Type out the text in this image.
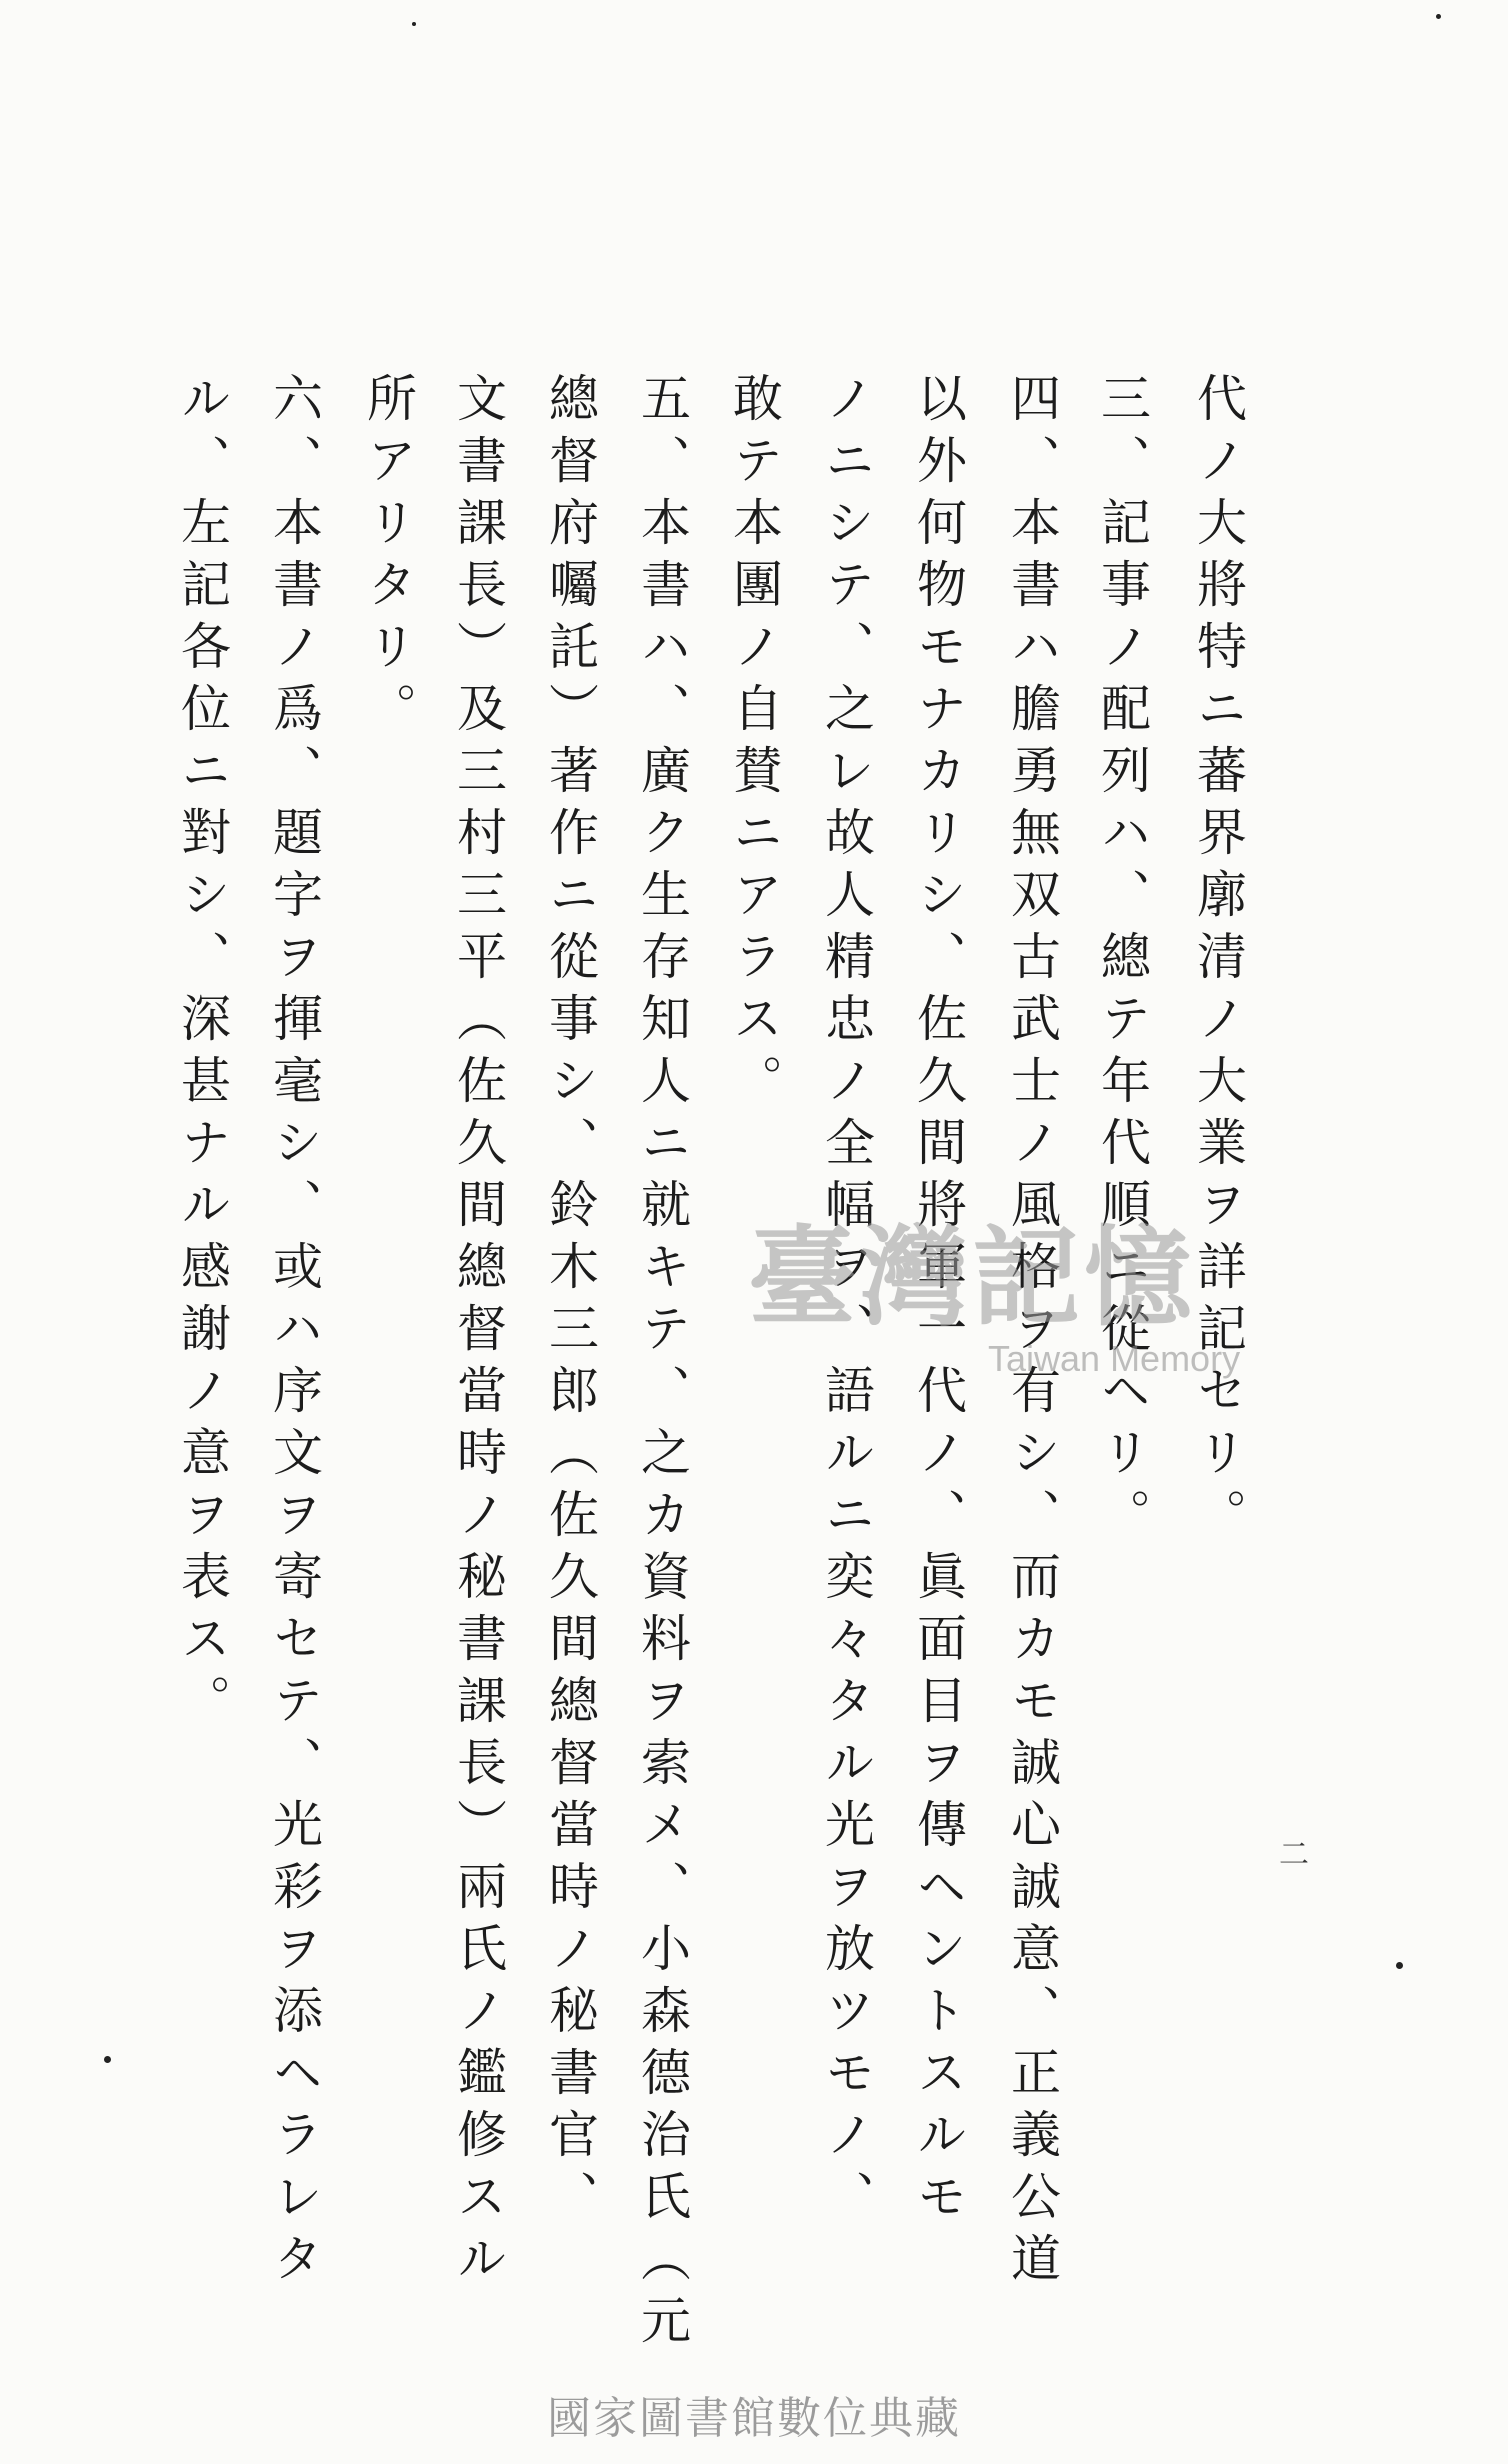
代ノ大將特ニ蕃界廓清ノ大業ヲ詳記セリ。
三、記事ノ配列ハ、總テ年代順ニ從ヘリ。
四、本書ハ膽勇無双古武士ノ風格ヲ有シ、而カモ誠心誠意、正義公道
以外何物モナカリシ、佐久間將軍一代ノ、眞面目ヲ傳ヘントスルモ
ノニシテ、之レ故人精忠ノ全幅ヲ、語ルニ奕々タル光ヲ放ツモノ、
敢テ本團ノ自賛ニアラス。
五、本書ハ、廣ク生存知人ニ就キテ、之カ資料ヲ索メ、小森德治氏（元
總督府囑託）著作ニ從事シ、鈴木三郎（佐久間總督當時ノ秘書官、
文書課長）及三村三平（佐久間總督當時ノ秘書課長）兩氏ノ鑑修スル
所アリタリ。
六、本書ノ爲、題字ヲ揮毫シ、或ハ序文ヲ寄セテ、光彩ヲ添ヘラレタ
ル、左記各位ニ對シ、深甚ナル感謝ノ意ヲ表ス。
二
臺灣記憶
Taiwan Memory
國家圖書館數位典藏
